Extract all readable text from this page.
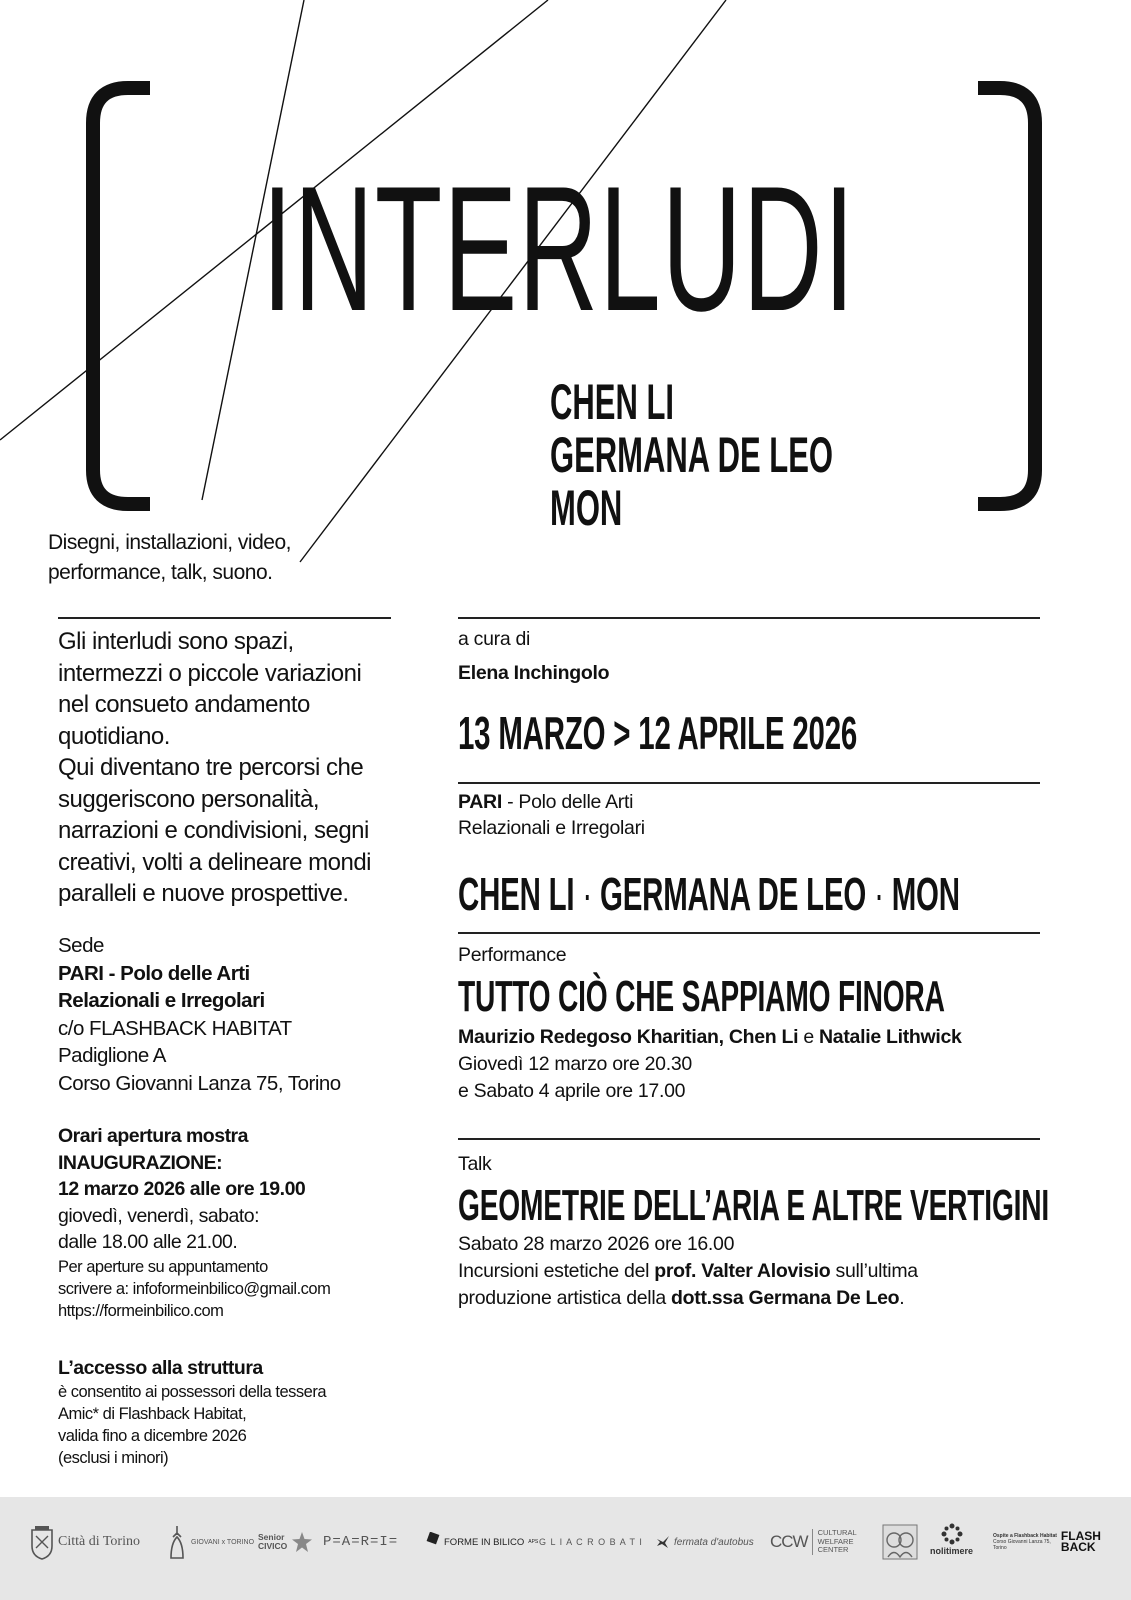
INTERLUDI
CHEN LI
GERMANA DE LEO
MON
Disegni, installazioni, video,
performance, talk, suono.
Gli interludi sono spazi,
intermezzi o piccole variazioni
nel consueto andamento
quotidiano.
Qui diventano tre percorsi che
suggeriscono personalità,
narrazioni e condivisioni, segni
creativi, volti a delineare mondi
paralleli e nuove prospettive.
Sede
PARI - Polo delle Arti
Relazionali e Irregolari
c/o FLASHBACK HABITAT
Padiglione A
Corso Giovanni Lanza 75, Torino
Orari apertura mostra
INAUGURAZIONE:
12 marzo 2026 alle ore 19.00
giovedì, venerdì, sabato:
dalle 18.00 alle 21.00.
Per aperture su appuntamento
scrivere a: infoformeinbilico@gmail.com
https://formeinbilico.com
L’accesso alla struttura
è consentito ai possessori della tessera
Amic* di Flashback Habitat,
valida fino a dicembre 2026
(esclusi i minori)
a cura di
Elena Inchingolo
13 MARZO > 12 APRILE 2026
PARI - Polo delle Arti
Relazionali e Irregolari
CHEN LI · GERMANA DE LEO · MON
Performance
TUTTO CIÒ CHE SAPPIAMO FINORA
Maurizio Redegoso Kharitian, Chen Li e Natalie Lithwick
Giovedì 12 marzo ore 20.30
e Sabato 4 aprile ore 17.00
Talk
GEOMETRIE DELL’ARIA E ALTRE VERTIGINI
Sabato 28 marzo 2026 ore 16.00
Incursioni estetiche del prof. Valter Alovisio sull’ultima
produzione artistica della dott.ssa Germana De Leo.
Città di Torino	GIOVANI x TORINO Senior
CIVICO	P=A=R=I=	FORME IN BILICO APS G L I A C R O B A T I	fermata d'autobus CCW CULTURAL
WELFARE
CENTER	nolitimere
Ospite a Flashback Habitat
Corso Giovanni Lanza 75,
Torino
FLASH
BACK
